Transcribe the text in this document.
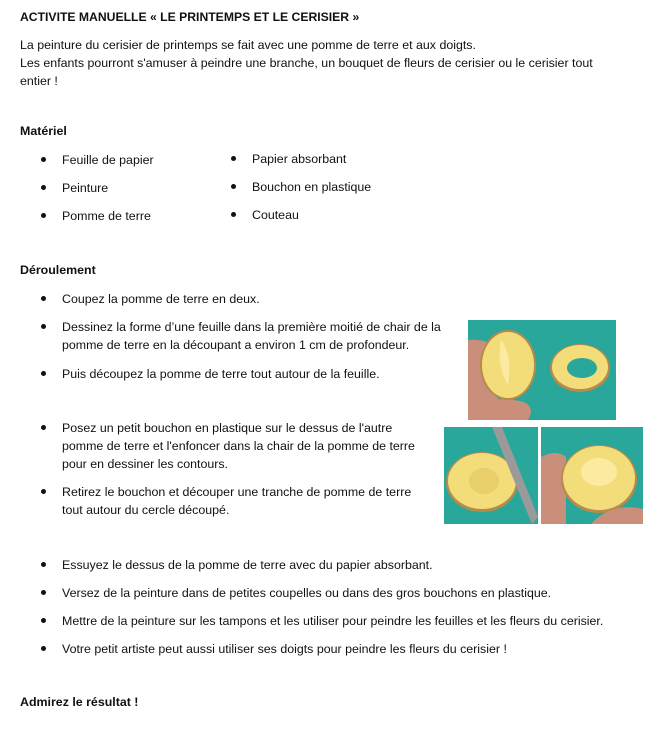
ACTIVITE MANUELLE « LE PRINTEMPS ET LE CERISIER »
La peinture du cerisier de printemps se fait avec une pomme de terre et aux doigts.
Les enfants pourront s'amuser à peindre une branche, un bouquet de fleurs de cerisier ou le cerisier tout
entier !
Matériel
Feuille de papier
Peinture
Pomme de terre
Papier absorbant
Bouchon en plastique
Couteau
Déroulement
Coupez la pomme de terre en deux.
Dessinez la forme d’une feuille dans la première moitié de chair de la
pomme de terre en la découpant a environ 1 cm de profondeur.
Puis découpez la pomme de terre tout autour de la feuille.
Posez un petit bouchon en plastique sur le dessus de l'autre
pomme de terre et l'enfoncer dans la chair de la pomme de terre
pour en dessiner les contours.
Retirez le bouchon et découper une tranche de pomme de terre
tout autour du cercle découpé.
Essuyez le dessus de la pomme de terre avec du papier absorbant.
Versez de la peinture dans de petites coupelles ou dans des gros bouchons en plastique.
Mettre de la peinture sur les tampons et les utiliser pour peindre les feuilles et les fleurs du cerisier.
Votre petit artiste peut aussi utiliser ses doigts pour peindre les fleurs du cerisier !
Admirez le résultat !
